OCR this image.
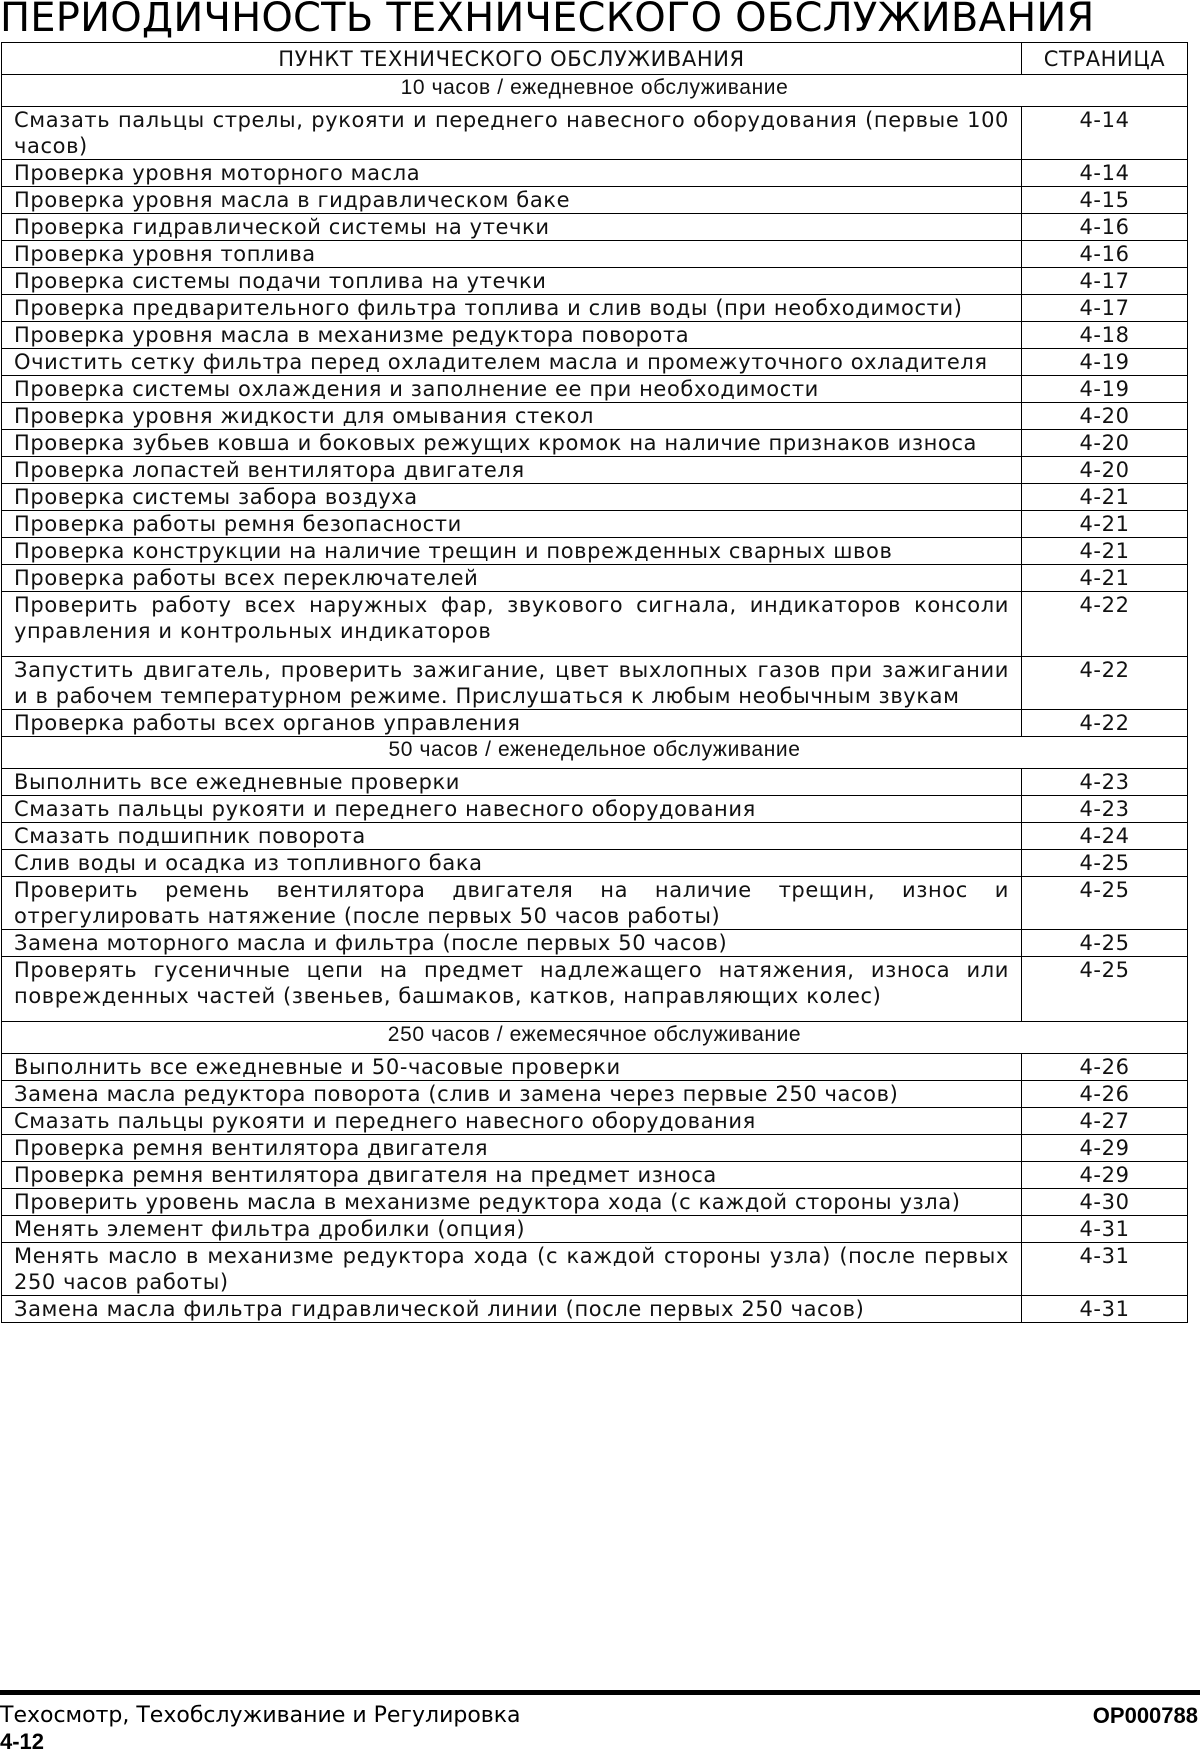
ПЕРИОДИЧНОСТЬ ТЕХНИЧЕСКОГО ОБСЛУЖИВАНИЯ
ПУНКТ ТЕХНИЧЕСКОГО ОБСЛУЖИВАНИЯ	СТРАНИЦА
10 часов / ежедневное обслуживание	
Смазать пальцы стрелы, рукояти и переднего навесного оборудования (первые 100 часов)	4-14
Проверка уровня моторного масла	4-14
Проверка уровня масла в гидравлическом баке	4-15
Проверка гидравлической системы на утечки	4-16
Проверка уровня топлива	4-16
Проверка системы подачи топлива на утечки	4-17
Проверка предварительного фильтра топлива и слив воды (при необходимости)	4-17
Проверка уровня масла в механизме редуктора поворота	4-18
Очистить сетку фильтра перед охладителем масла и промежуточного охладителя	4-19
Проверка системы охлаждения и заполнение ее при необходимости	4-19
Проверка уровня жидкости для омывания стекол	4-20
Проверка зубьев ковша и боковых режущих кромок на наличие признаков износа	4-20
Проверка лопастей вентилятора двигателя	4-20
Проверка системы забора воздуха	4-21
Проверка работы ремня безопасности	4-21
Проверка конструкции на наличие трещин и поврежденных сварных швов	4-21
Проверка работы всех переключателей	4-21
Проверить работу всех наружных фар, звукового сигнала, индикаторов консоли управления и контрольных индикаторов	4-22
Запустить двигатель, проверить зажигание, цвет выхлопных газов при зажигании и в рабочем температурном режиме. Прислушаться к любым необычным звукам	4-22
Проверка работы всех органов управления	4-22
50 часов / еженедельное обслуживание	
Выполнить все ежедневные проверки	4-23
Смазать пальцы рукояти и переднего навесного оборудования	4-23
Смазать подшипник поворота	4-24
Слив воды и осадка из топливного бака	4-25
Проверить ремень вентилятора двигателя на наличие трещин, износ и отрегулировать натяжение (после первых 50 часов работы)	4-25
Замена моторного масла и фильтра (после первых 50 часов)	4-25
Проверять гусеничные цепи на предмет надлежащего натяжения, износа или поврежденных частей (звеньев, башмаков, катков, направляющих колес)	4-25
250 часов / ежемесячное обслуживание	
Выполнить все ежедневные и 50-часовые проверки	4-26
Замена масла редуктора поворота (слив и замена через первые 250 часов)	4-26
Смазать пальцы рукояти и переднего навесного оборудования	4-27
Проверка ремня вентилятора двигателя	4-29
Проверка ремня вентилятора двигателя на предмет износа	4-29
Проверить уровень масла в механизме редуктора хода (с каждой стороны узла)	4-30
Менять элемент фильтра дробилки (опция)	4-31
Менять масло в механизме редуктора хода (с каждой стороны узла) (после первых 250 часов работы)	4-31
Замена масла фильтра гидравлической линии (после первых 250 часов)	4-31
Техосмотр, Техобслуживание и Регулировка	OP000788
4-12
